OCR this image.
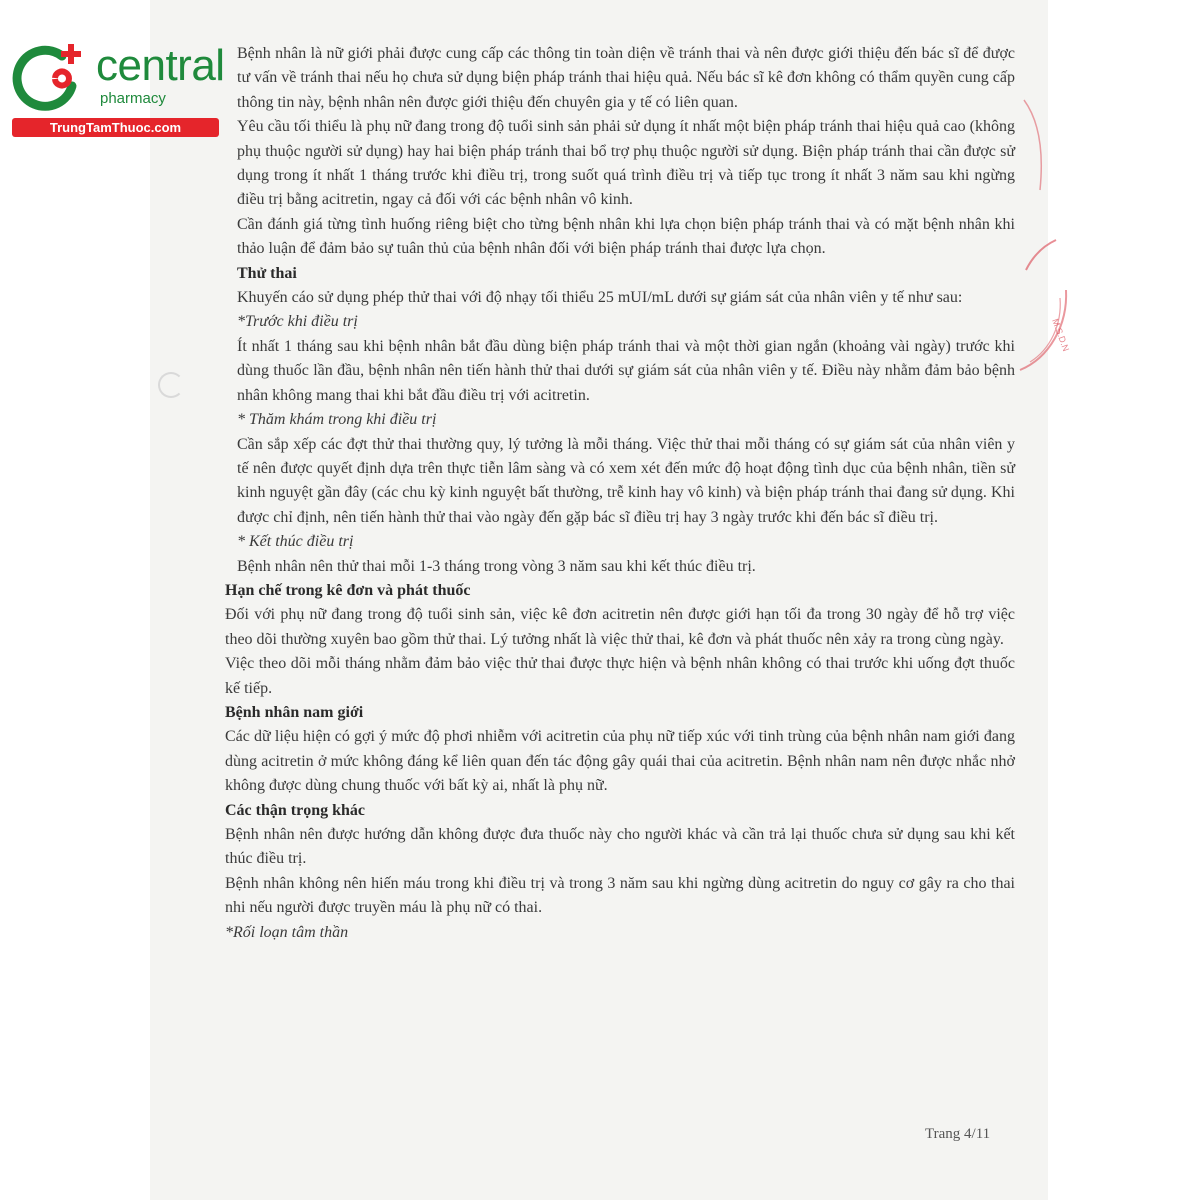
central
pharmacy
TrungTamThuoc.com
M.S.D.N

Bệnh nhân là nữ giới phải được cung cấp các thông tin toàn diện về tránh thai và nên được giới thiệu đến bác sĩ để được tư vấn về tránh thai nếu họ chưa sử dụng biện pháp tránh thai hiệu quả. Nếu bác sĩ kê đơn không có thẩm quyền cung cấp thông tin này, bệnh nhân nên được giới thiệu đến chuyên gia y tế có liên quan.

Yêu cầu tối thiểu là phụ nữ đang trong độ tuổi sinh sản phải sử dụng ít nhất một biện pháp tránh thai hiệu quả cao (không phụ thuộc người sử dụng) hay hai biện pháp tránh thai bổ trợ phụ thuộc người sử dụng. Biện pháp tránh thai cần được sử dụng trong ít nhất 1 tháng trước khi điều trị, trong suốt quá trình điều trị và tiếp tục trong ít nhất 3 năm sau khi ngừng điều trị bằng acitretin, ngay cả đối với các bệnh nhân vô kinh.

Cần đánh giá từng tình huống riêng biệt cho từng bệnh nhân khi lựa chọn biện pháp tránh thai và có mặt bệnh nhân khi thảo luận để đảm bảo sự tuân thủ của bệnh nhân đối với biện pháp tránh thai được lựa chọn.

Thử thai

Khuyến cáo sử dụng phép thử thai với độ nhạy tối thiểu 25 mUI/mL dưới sự giám sát của nhân viên y tế như sau:

*Trước khi điều trị

Ít nhất 1 tháng sau khi bệnh nhân bắt đầu dùng biện pháp tránh thai và một thời gian ngắn (khoảng vài ngày) trước khi dùng thuốc lần đầu, bệnh nhân nên tiến hành thử thai dưới sự giám sát của nhân viên y tế. Điều này nhằm đảm bảo bệnh nhân không mang thai khi bắt đầu điều trị với acitretin.

* Thăm khám trong khi điều trị

Cần sắp xếp các đợt thử thai thường quy, lý tưởng là mỗi tháng. Việc thử thai mỗi tháng có sự giám sát của nhân viên y tế nên được quyết định dựa trên thực tiễn lâm sàng và có xem xét đến mức độ hoạt động tình dục của bệnh nhân, tiền sử kinh nguyệt gần đây (các chu kỳ kinh nguyệt bất thường, trễ kinh hay vô kinh) và biện pháp tránh thai đang sử dụng. Khi được chỉ định, nên tiến hành thử thai vào ngày đến gặp bác sĩ điều trị hay 3 ngày trước khi đến bác sĩ điều trị.

* Kết thúc điều trị

Bệnh nhân nên thử thai mỗi 1-3 tháng trong vòng 3 năm sau khi kết thúc điều trị.

Hạn chế trong kê đơn và phát thuốc

Đối với phụ nữ đang trong độ tuổi sinh sản, việc kê đơn acitretin nên được giới hạn tối đa trong 30 ngày để hỗ trợ việc theo dõi thường xuyên bao gồm thử thai. Lý tưởng nhất là việc thử thai, kê đơn và phát thuốc nên xảy ra trong cùng ngày.

Việc theo dõi mỗi tháng nhằm đảm bảo việc thử thai được thực hiện và bệnh nhân không có thai trước khi uống đợt thuốc kế tiếp.

Bệnh nhân nam giới

Các dữ liệu hiện có gợi ý mức độ phơi nhiễm với acitretin của phụ nữ tiếp xúc với tinh trùng của bệnh nhân nam giới đang dùng acitretin ở mức không đáng kể liên quan đến tác động gây quái thai của acitretin. Bệnh nhân nam nên được nhắc nhở không được dùng chung thuốc với bất kỳ ai, nhất là phụ nữ.

Các thận trọng khác

Bệnh nhân nên được hướng dẫn không được đưa thuốc này cho người khác và cần trả lại thuốc chưa sử dụng sau khi kết thúc điều trị.

Bệnh nhân không nên hiến máu trong khi điều trị và trong 3 năm sau khi ngừng dùng acitretin do nguy cơ gây ra cho thai nhi nếu người được truyền máu là phụ nữ có thai.

*Rối loạn tâm thần

Trang 4/11
